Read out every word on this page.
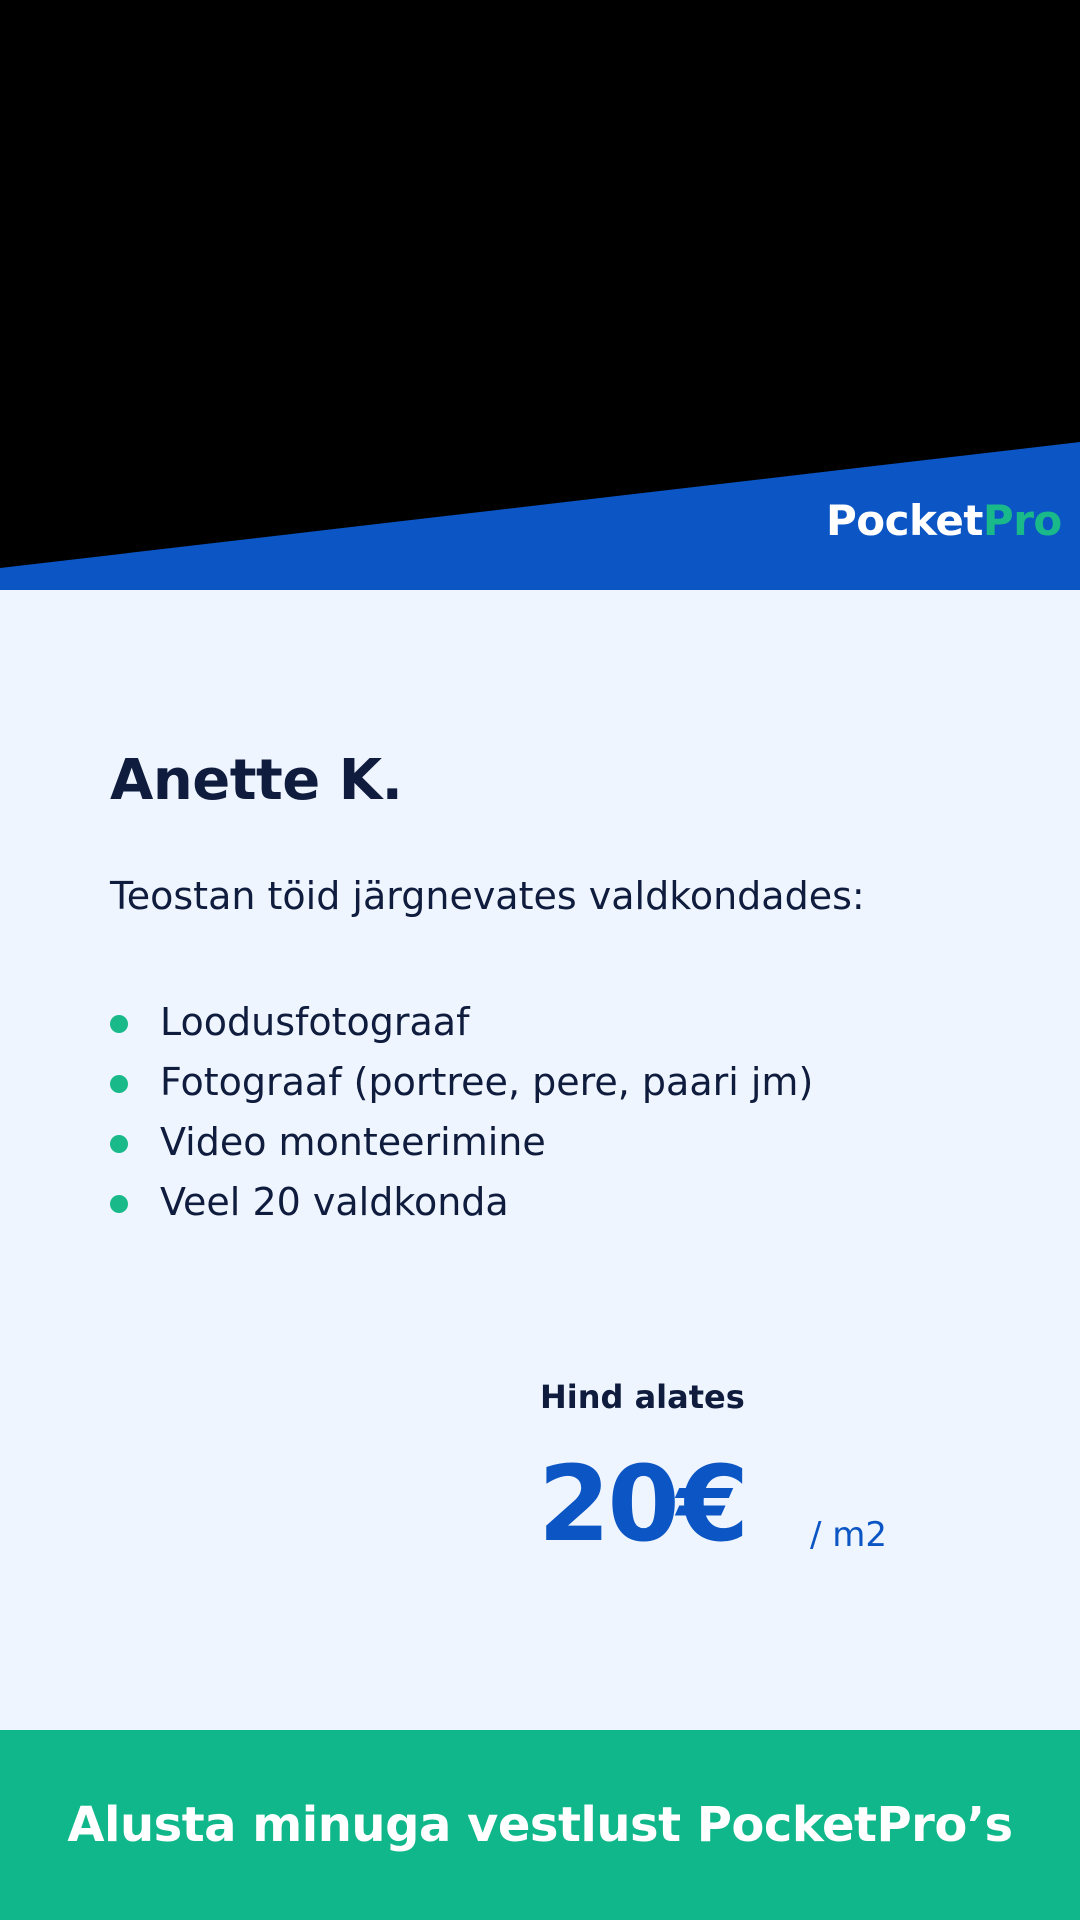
PocketPro
Anette K.

Teostan töid järgnevates valdkondades:

Loodusfotograaf
Fotograaf (portree, pere, paari jm)
Video monteerimine
Veel 20 valdkonda
Hind alates
20€ / m2
Alusta minuga vestlust PocketPro’s
